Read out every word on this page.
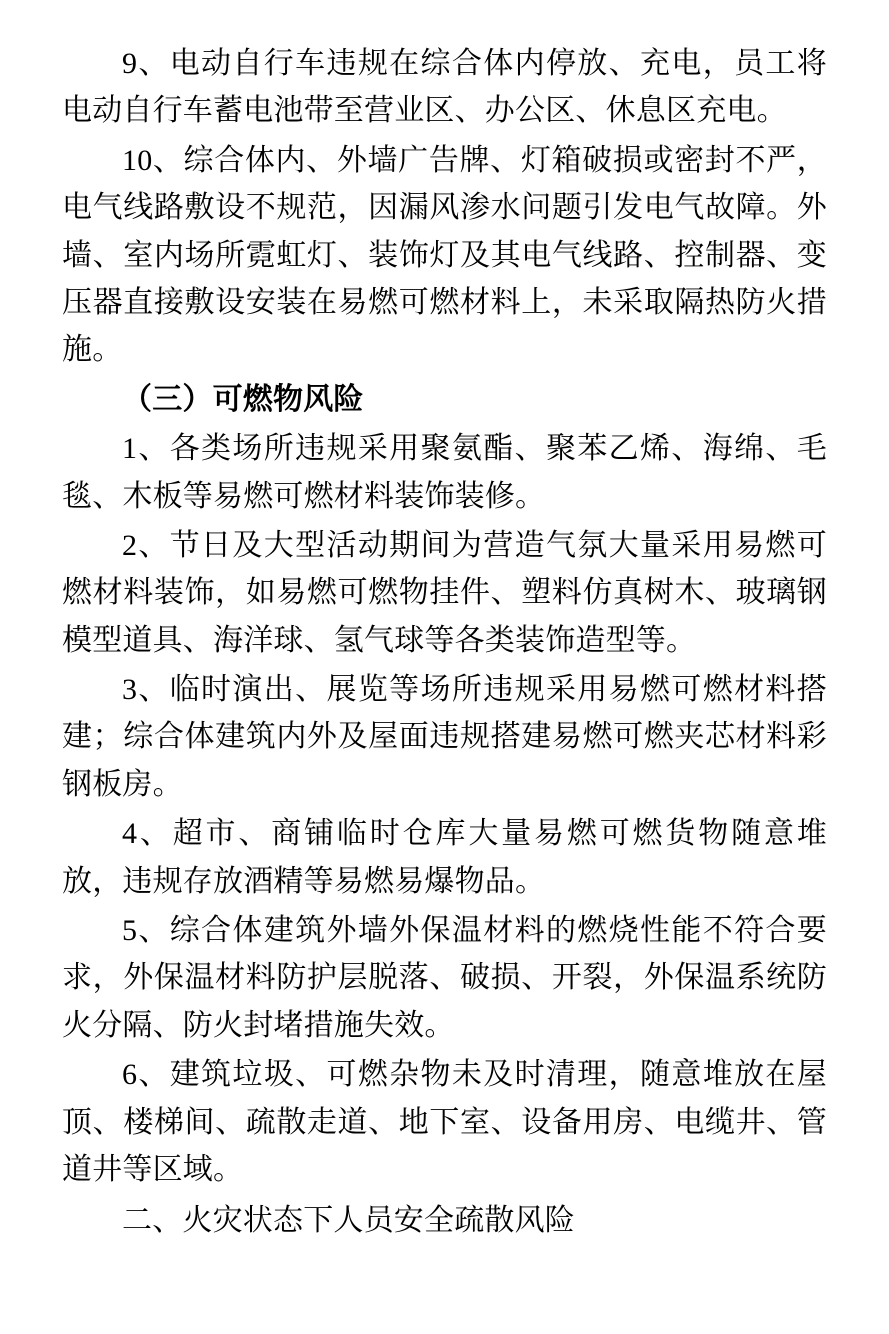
9、电动自行车违规在综合体内停放、充电，员工将电动自行车蓄电池带至营业区、办公区、休息区充电。

10、综合体内、外墙广告牌、灯箱破损或密封不严，电气线路敷设不规范，因漏风渗水问题引发电气故障。外墙、室内场所霓虹灯、装饰灯及其电气线路、控制器、变压器直接敷设安装在易燃可燃材料上，未采取隔热防火措施。

（三）可燃物风险

1、各类场所违规采用聚氨酯、聚苯乙烯、海绵、毛毯、木板等易燃可燃材料装饰装修。

2、节日及大型活动期间为营造气氛大量采用易燃可燃材料装饰，如易燃可燃物挂件、塑料仿真树木、玻璃钢模型道具、海洋球、氢气球等各类装饰造型等。

3、临时演出、展览等场所违规采用易燃可燃材料搭建；综合体建筑内外及屋面违规搭建易燃可燃夹芯材料彩钢板房。

4、超市、商铺临时仓库大量易燃可燃货物随意堆放，违规存放酒精等易燃易爆物品。

5、综合体建筑外墙外保温材料的燃烧性能不符合要求，外保温材料防护层脱落、破损、开裂，外保温系统防火分隔、防火封堵措施失效。

6、建筑垃圾、可燃杂物未及时清理，随意堆放在屋顶、楼梯间、疏散走道、地下室、设备用房、电缆井、管道井等区域。

二、火灾状态下人员安全疏散风险
